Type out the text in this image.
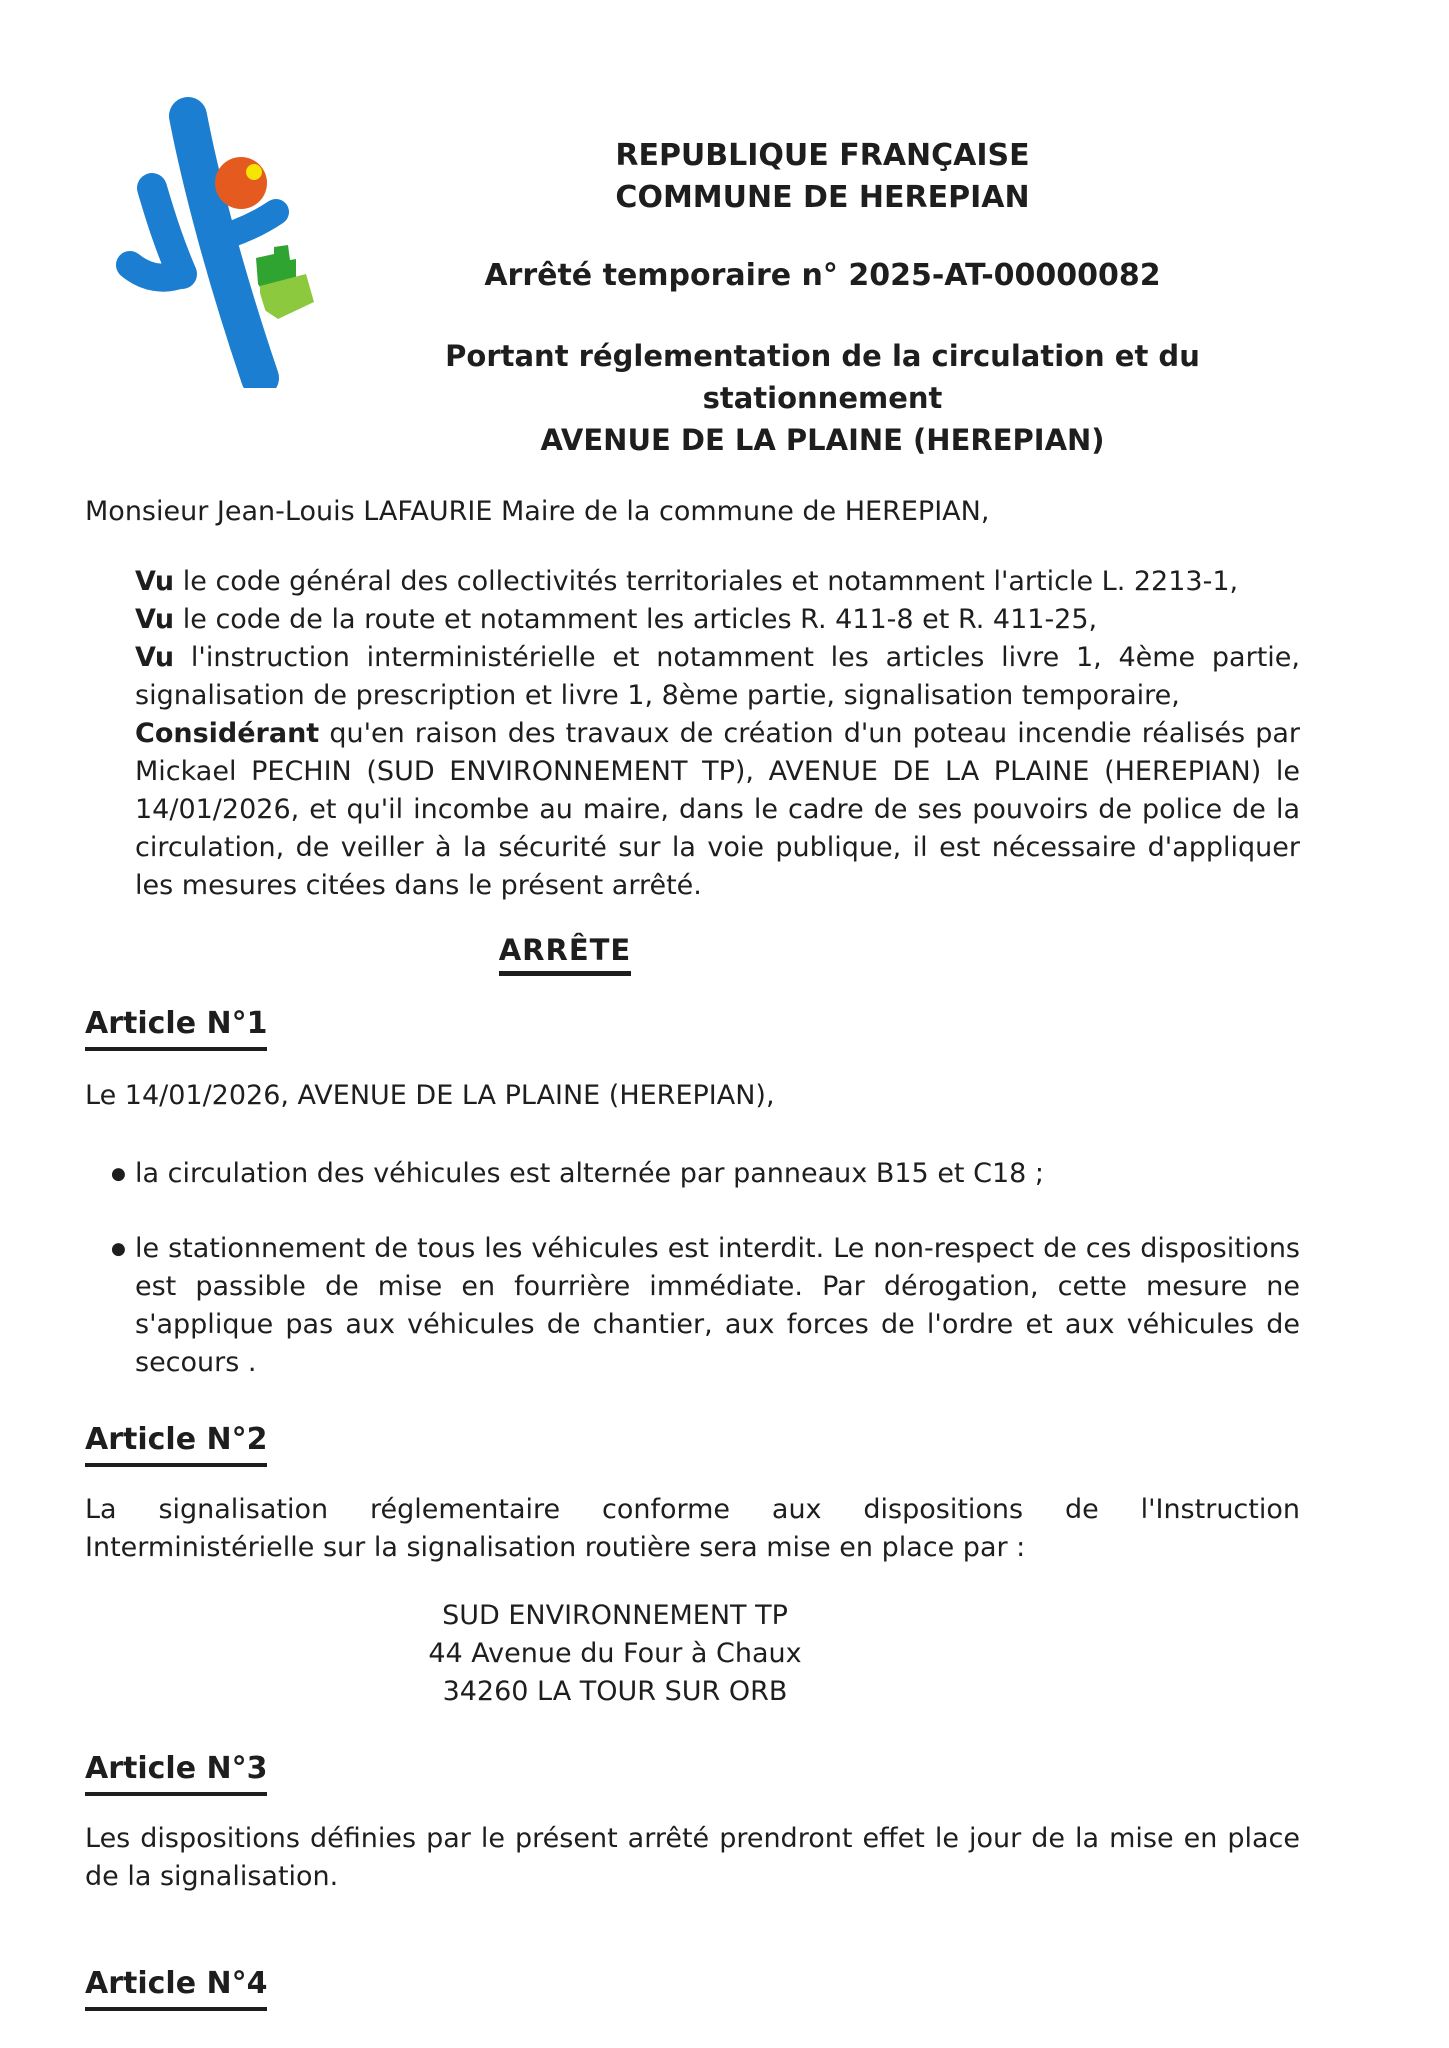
REPUBLIQUE FRANÇAISE
COMMUNE DE HEREPIAN
Arrêté temporaire n° 2025-AT-00000082
Portant réglementation de la circulation et du
stationnement
AVENUE DE LA PLAINE (HEREPIAN)

Monsieur Jean-Louis LAFAURIE Maire de la commune de HEREPIAN,

Vu le code général des collectivités territoriales et notamment l'article L. 2213-1,

Vu le code de la route et notamment les articles R. 411-8 et R. 411-25,

Vu l'instruction interministérielle et notamment les articles livre 1, 4ème partie, signalisation de prescription et livre 1, 8ème partie, signalisation temporaire,

Considérant qu'en raison des travaux de création d'un poteau incendie réalisés par Mickael PECHIN (SUD ENVIRONNEMENT TP), AVENUE DE LA PLAINE (HEREPIAN) le 14/01/2026, et qu'il incombe au maire, dans le cadre de ses pouvoirs de police de la circulation, de veiller à la sécurité sur la voie publique, il est nécessaire d'appliquer les mesures citées dans le présent arrêté.

ARRÊTE
Article N°1

Le 14/01/2026, AVENUE DE LA PLAINE (HEREPIAN),

● la circulation des véhicules est alternée par panneaux B15 et C18 ;
● le stationnement de tous les véhicules est interdit. Le non-respect de ces dispositions est passible de mise en fourrière immédiate. Par dérogation, cette mesure ne s'applique pas aux véhicules de chantier, aux forces de l'ordre et aux véhicules de secours .
Article N°2

La signalisation réglementaire conforme aux dispositions de l'Instruction Interministérielle sur la signalisation routière sera mise en place par :

SUD ENVIRONNEMENT TP
44 Avenue du Four à Chaux
34260 LA TOUR SUR ORB
Article N°3

Les dispositions définies par le présent arrêté prendront effet le jour de la mise en place de la signalisation.

Article N°4
